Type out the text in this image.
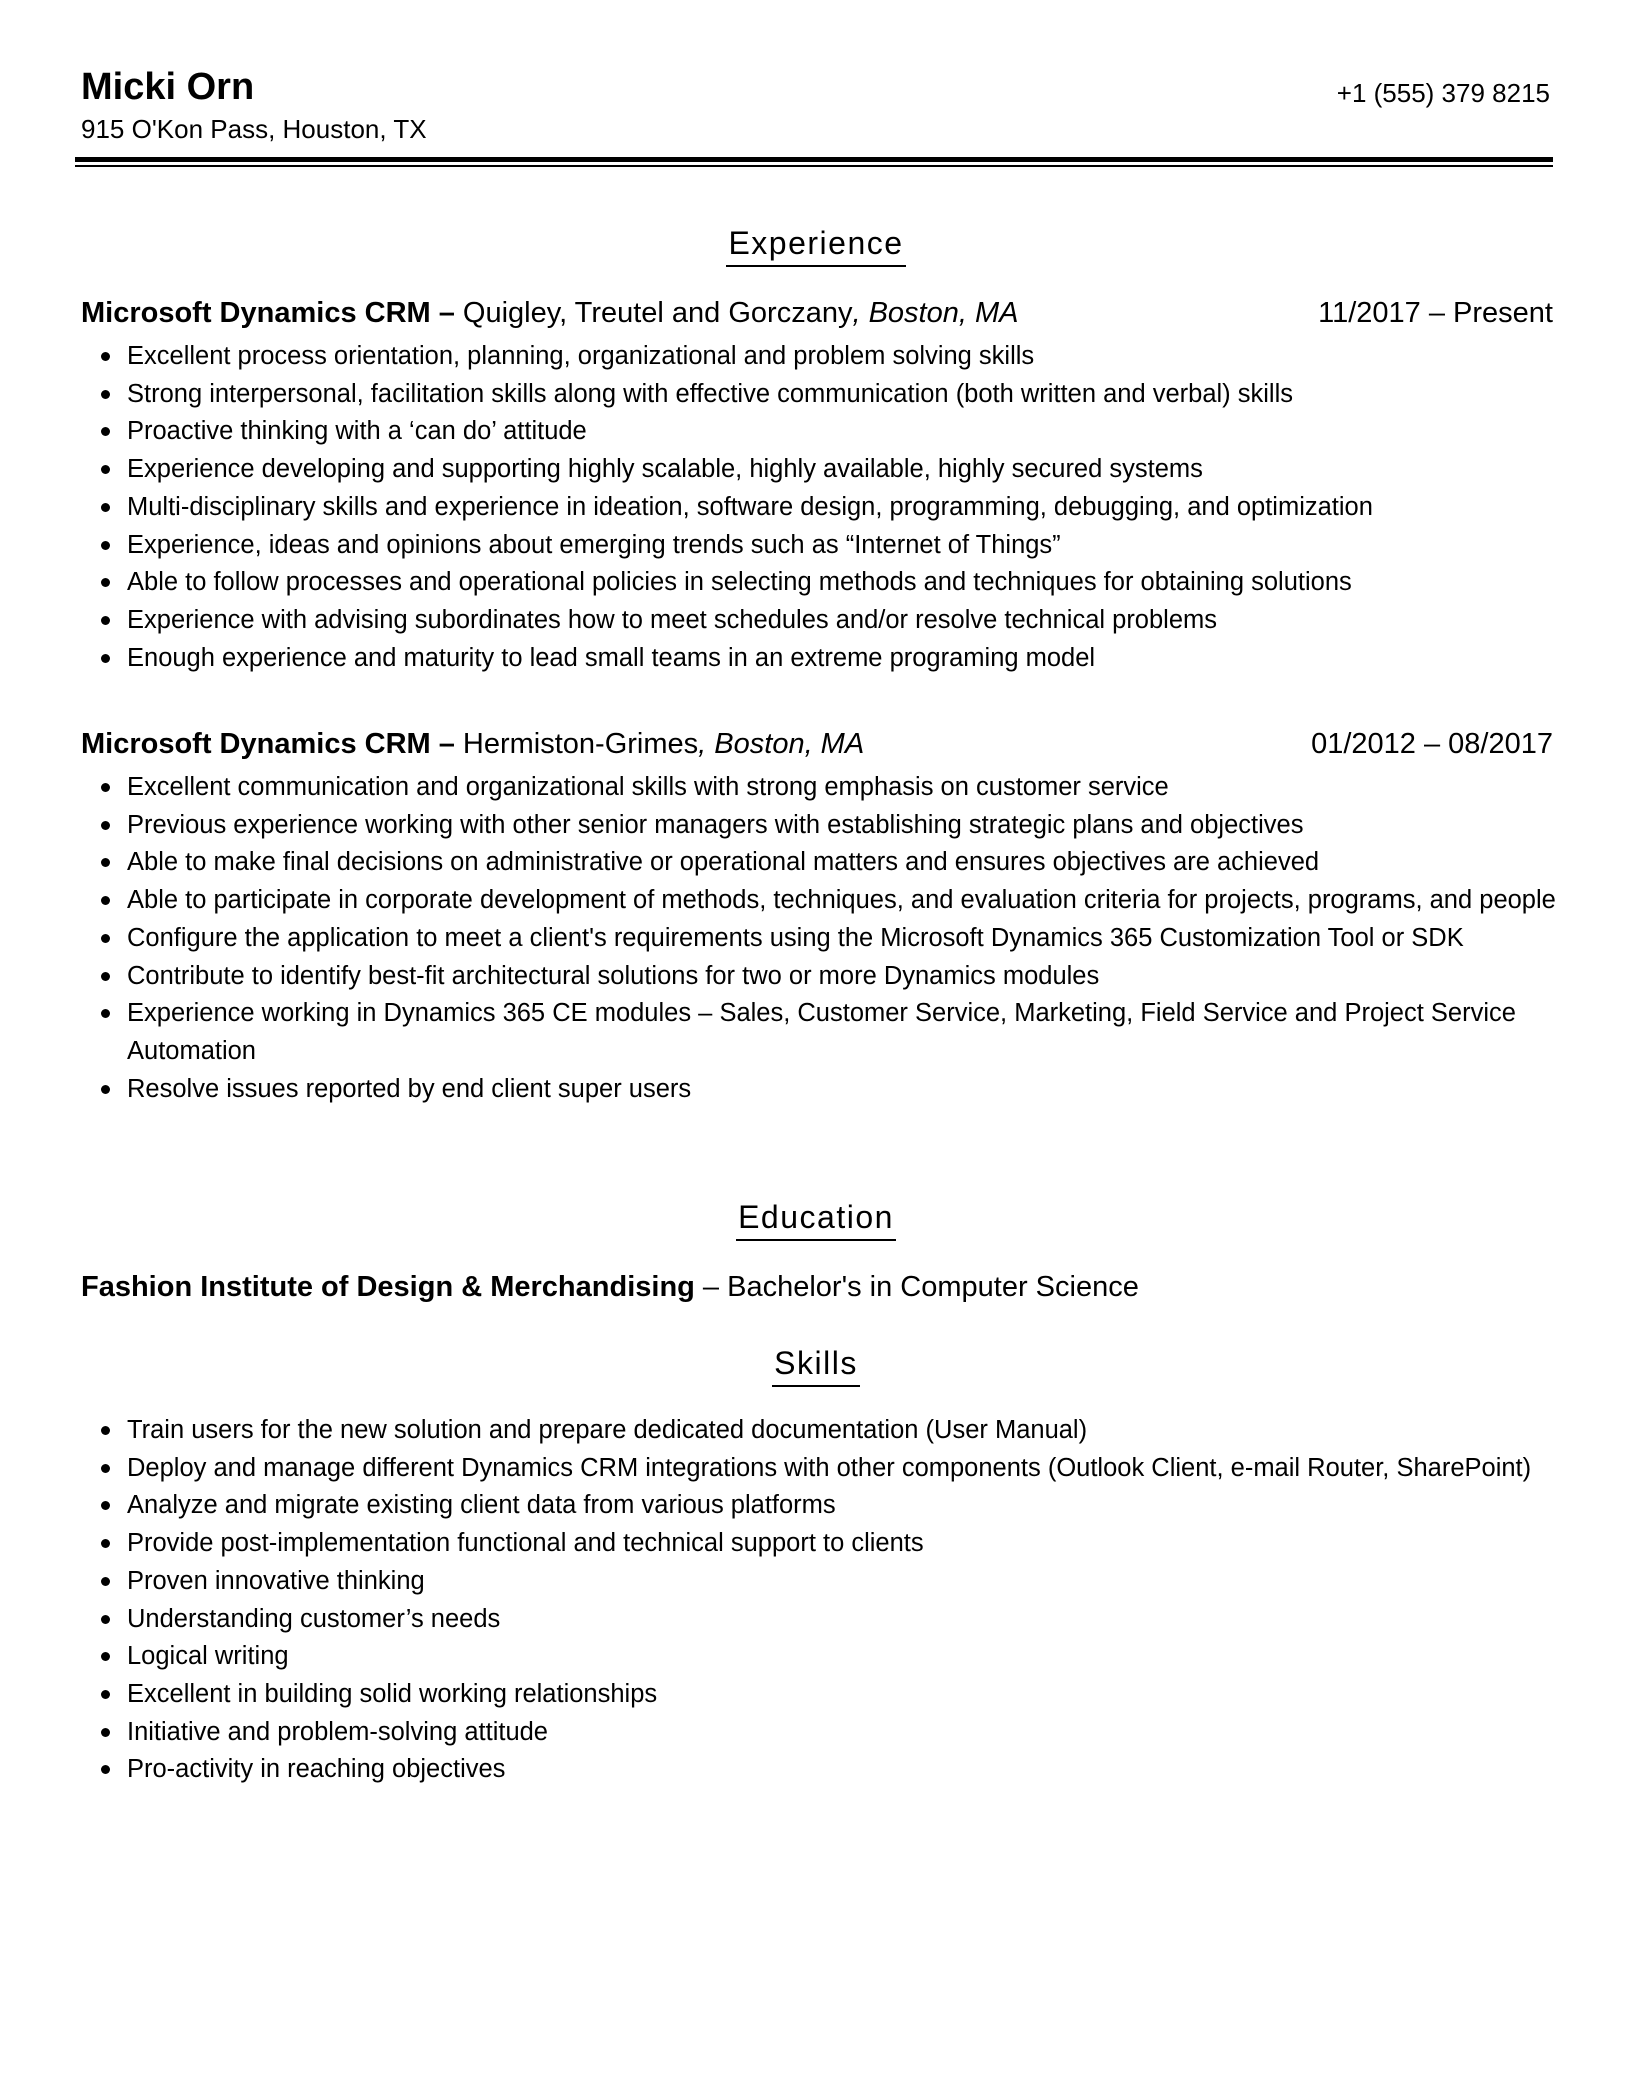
Micki Orn
915 O'Kon Pass, Houston, TX
+1 (555) 379 8215
Experience
Microsoft Dynamics CRM – Quigley, Treutel and Gorczany, Boston, MA	11/2017 – Present
Excellent process orientation, planning, organizational and problem solving skills
Strong interpersonal, facilitation skills along with effective communication (both written and verbal) skills
Proactive thinking with a ‘can do’ attitude
Experience developing and supporting highly scalable, highly available, highly secured systems
Multi-disciplinary skills and experience in ideation, software design, programming, debugging, and optimization
Experience, ideas and opinions about emerging trends such as “Internet of Things”
Able to follow processes and operational policies in selecting methods and techniques for obtaining solutions
Experience with advising subordinates how to meet schedules and/or resolve technical problems
Enough experience and maturity to lead small teams in an extreme programing model
Microsoft Dynamics CRM – Hermiston-Grimes, Boston, MA	01/2012 – 08/2017
Excellent communication and organizational skills with strong emphasis on customer service
Previous experience working with other senior managers with establishing strategic plans and objectives
Able to make final decisions on administrative or operational matters and ensures objectives are achieved
Able to participate in corporate development of methods, techniques, and evaluation criteria for projects, programs, and people
Configure the application to meet a client's requirements using the Microsoft Dynamics 365 Customization Tool or SDK
Contribute to identify best-fit architectural solutions for two or more Dynamics modules
Experience working in Dynamics 365 CE modules – Sales, Customer Service, Marketing, Field Service and Project Service Automation
Resolve issues reported by end client super users
Education
Fashion Institute of Design & Merchandising – Bachelor's in Computer Science
Skills
Train users for the new solution and prepare dedicated documentation (User Manual)
Deploy and manage different Dynamics CRM integrations with other components (Outlook Client, e-mail Router, SharePoint)
Analyze and migrate existing client data from various platforms
Provide post-implementation functional and technical support to clients
Proven innovative thinking
Understanding customer’s needs
Logical writing
Excellent in building solid working relationships
Initiative and problem-solving attitude
Pro-activity in reaching objectives
